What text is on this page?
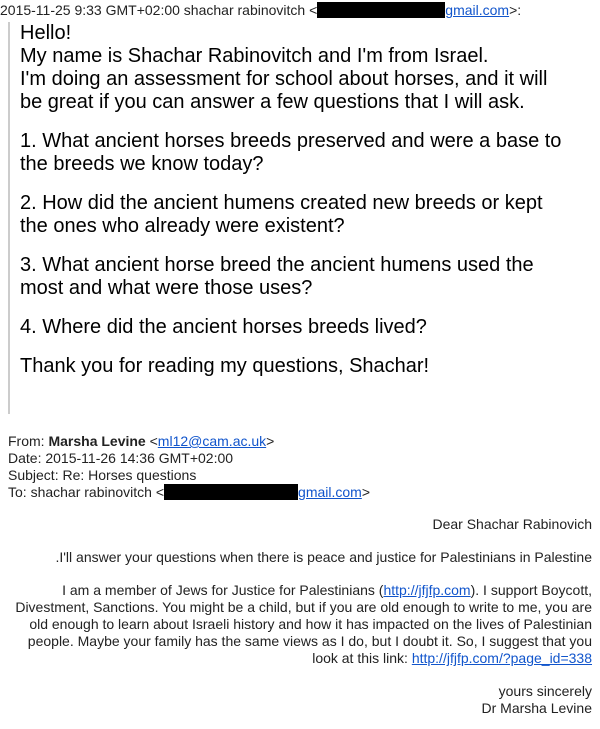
2015-11-25 9:33 GMT+02:00 shachar rabinovitch <	gmail.com>:

Hello!

My name is Shachar Rabinovitch and I'm from Israel.

I'm doing an assessment for school about horses, and it will

be great if you can answer a few questions that I will ask.

1. What ancient horses breeds preserved and were a base to

the breeds we know today?

2. How did the ancient humens created new breeds or kept

the ones who already were existent?

3. What ancient horse breed the ancient humens used the

most and what were those uses?

4. Where did the ancient horses breeds lived?

Thank you for reading my questions, Shachar!

From: Marsha Levine <ml12@cam.ac.uk>
Date: 2015-11-26 14:36 GMT+02:00
Subject: Re: Horses questions
To: shachar rabinovitch <	gmail.com>

Dear Shachar Rabinovich

.I'll answer your questions when there is peace and justice for Palestinians in Palestine

I am a member of Jews for Justice for Palestinians (http://jfjfp.com). I support Boycott, Divestment, Sanctions. You might be a child, but if you are old enough to write to me, you are old enough to learn about Israeli history and how it has impacted on the lives of Palestinian people. Maybe your family has the same views as I do, but I doubt it. So, I suggest that you look at this link: http://jfjfp.com/?page_id=338

yours sincerely
Dr Marsha Levine
